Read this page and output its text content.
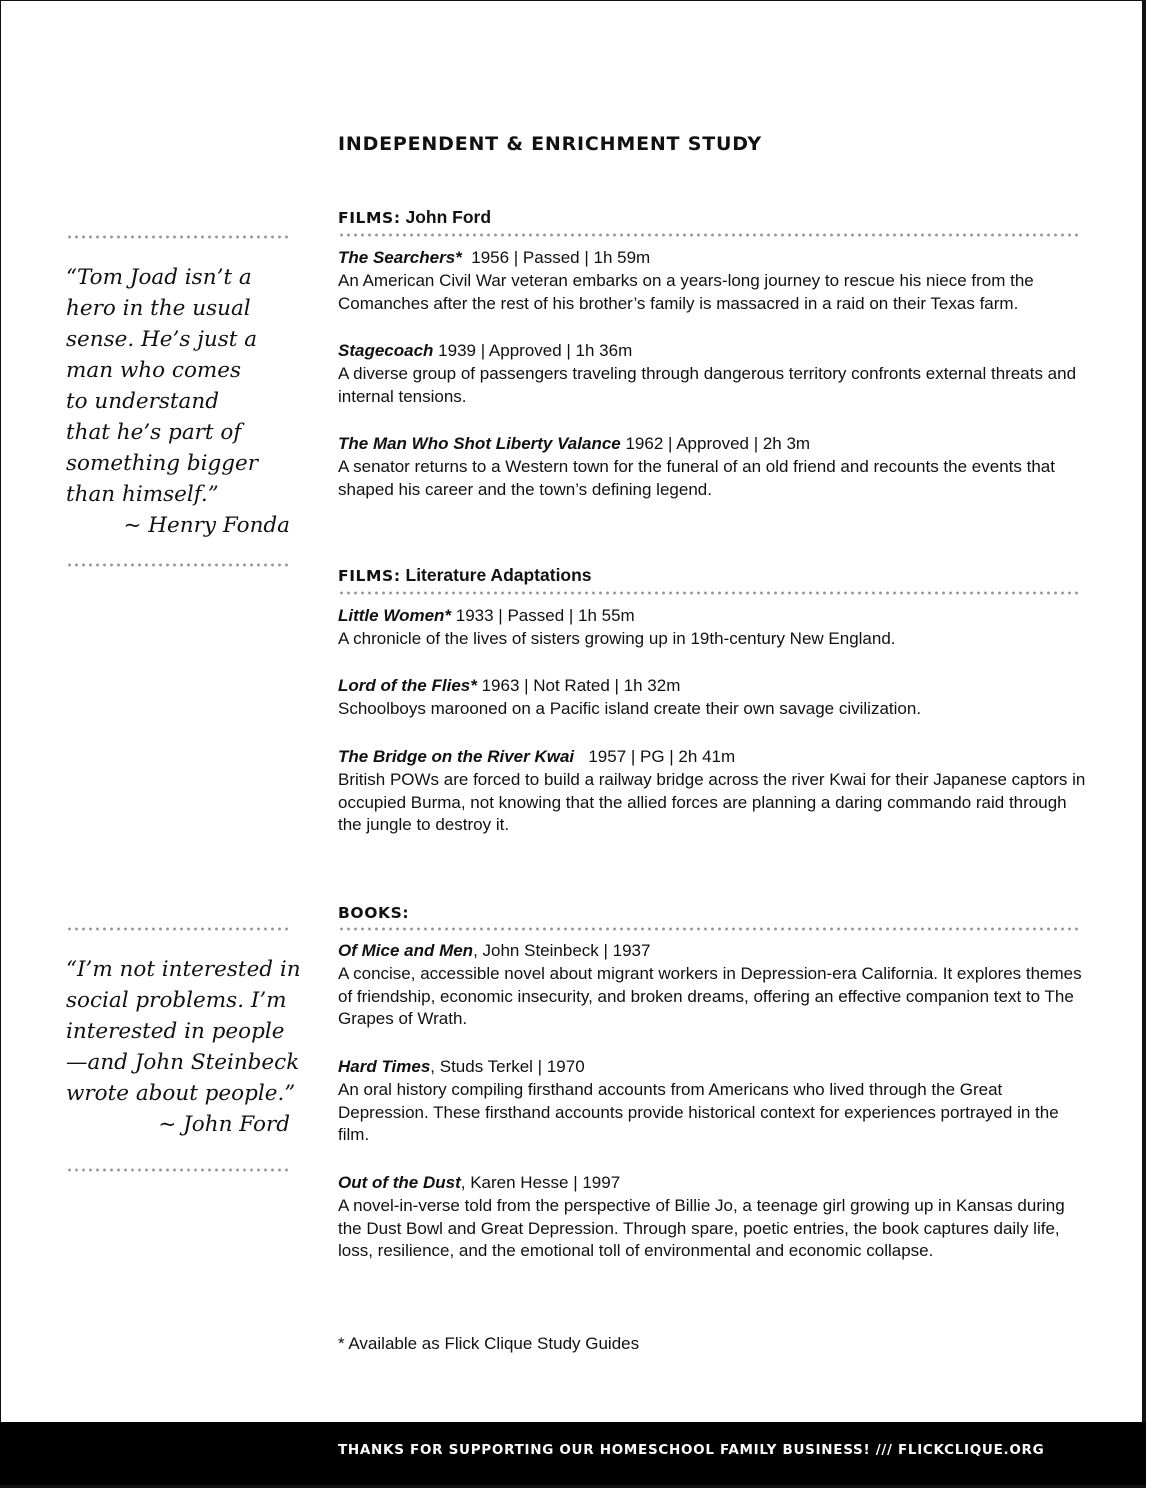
INDEPENDENT & ENRICHMENT STUDY
FILMS: John Ford

The Searchers* 1956 | Passed | 1h 59m

An American Civil War veteran embarks on a years-long journey to rescue his niece from the Comanches after the rest of his brother’s family is massacred in a raid on their Texas farm.

Stagecoach 1939 | Approved | 1h 36m

A diverse group of passengers traveling through dangerous territory confronts external threats and internal tensions.

The Man Who Shot Liberty Valance 1962 | Approved | 2h 3m

A senator returns to a Western town for the funeral of an old friend and recounts the events that shaped his career and the town’s defining legend.

FILMS: Literature Adaptations

Little Women* 1933 | Passed | 1h 55m

A chronicle of the lives of sisters growing up in 19th-century New England.

Lord of the Flies* 1963 | Not Rated | 1h 32m

Schoolboys marooned on a Pacific island create their own savage civilization.

The Bridge on the River Kwai 1957 | PG | 2h 41m

British POWs are forced to build a railway bridge across the river Kwai for their Japanese captors in occupied Burma, not knowing that the allied forces are planning a daring commando raid through the jungle to destroy it.

BOOKS:

Of Mice and Men, John Steinbeck | 1937

A concise, accessible novel about migrant workers in Depression-era California. It explores themes of friendship, economic insecurity, and broken dreams, offering an effective companion text to The Grapes of Wrath.

Hard Times, Studs Terkel | 1970

An oral history compiling firsthand accounts from Americans who lived through the Great Depression. These firsthand accounts provide historical context for experiences portrayed in the film.

Out of the Dust, Karen Hesse | 1997

A novel-in-verse told from the perspective of Billie Jo, a teenage girl growing up in Kansas during the Dust Bowl and Great Depression. Through spare, poetic entries, the book captures daily life, loss, resilience, and the emotional toll of environmental and economic collapse.

“Tom Joad isn’t a
hero in the usual
sense. He’s just a
man who comes
to understand
that he’s part of
something bigger
than himself.”
~ Henry Fonda
“I’m not interested in
social problems. I’m
interested in people
—and John Steinbeck
wrote about people.”
~ John Ford
* Available as Flick Clique Study Guides
THANKS FOR SUPPORTING OUR HOMESCHOOL FAMILY BUSINESS! /// FLICKCLIQUE.ORG
